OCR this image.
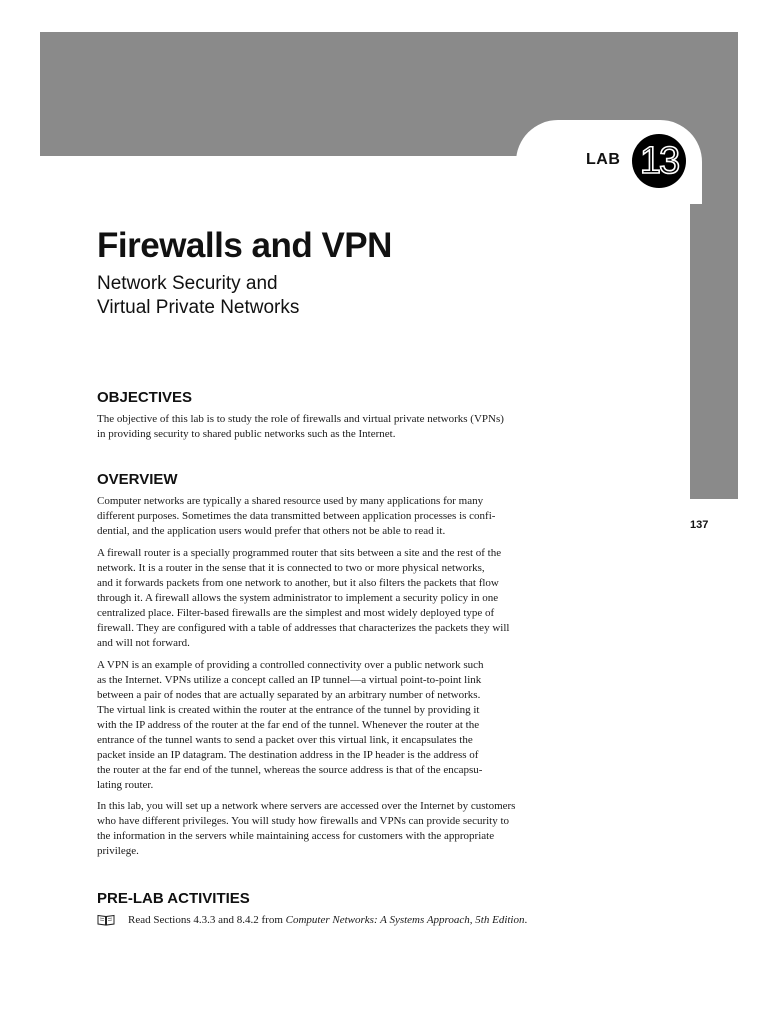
LAB 13
Firewalls and VPN
Network Security and
Virtual Private Networks
OBJECTIVES
The objective of this lab is to study the role of firewalls and virtual private networks (VPNs)
in providing security to shared public networks such as the Internet.
OVERVIEW
Computer networks are typically a shared resource used by many applications for many
different purposes. Sometimes the data transmitted between application processes is confi-
dential, and the application users would prefer that others not be able to read it.
A firewall router is a specially programmed router that sits between a site and the rest of the
network. It is a router in the sense that it is connected to two or more physical networks,
and it forwards packets from one network to another, but it also filters the packets that flow
through it. A firewall allows the system administrator to implement a security policy in one
centralized place. Filter-based firewalls are the simplest and most widely deployed type of
firewall. They are configured with a table of addresses that characterizes the packets they will
and will not forward.
A VPN is an example of providing a controlled connectivity over a public network such
as the Internet. VPNs utilize a concept called an IP tunnel—a virtual point-to-point link
between a pair of nodes that are actually separated by an arbitrary number of networks.
The virtual link is created within the router at the entrance of the tunnel by providing it
with the IP address of the router at the far end of the tunnel. Whenever the router at the
entrance of the tunnel wants to send a packet over this virtual link, it encapsulates the
packet inside an IP datagram. The destination address in the IP header is the address of
the router at the far end of the tunnel, whereas the source address is that of the encapsu-
lating router.
In this lab, you will set up a network where servers are accessed over the Internet by customers
who have different privileges. You will study how firewalls and VPNs can provide security to
the information in the servers while maintaining access for customers with the appropriate
privilege.
PRE-LAB ACTIVITIES
Read Sections 4.3.3 and 8.4.2 from Computer Networks: A Systems Approach, 5th Edition .
137
